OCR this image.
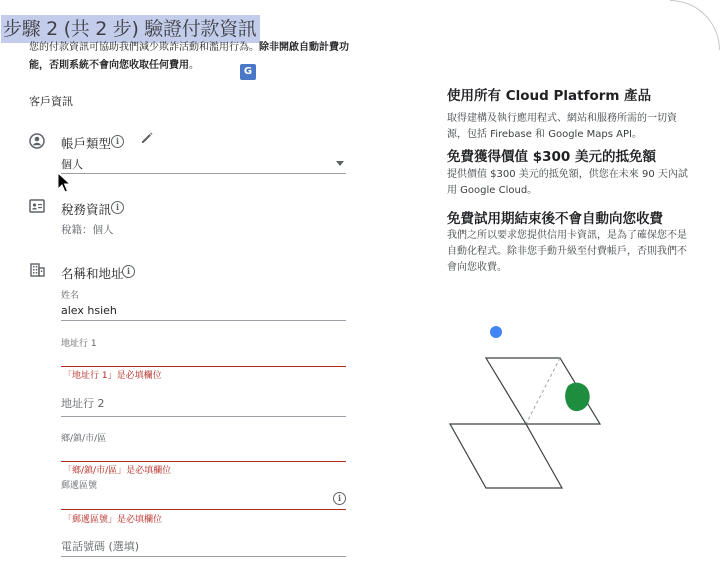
步驟 2 (共 2 步) 驗證付款資訊
您的付款資訊可協助我們減少欺詐活動和濫用行為。除非開啟自動計費功能，否則系統不會向您收取任何費用。
G
客戶資訊
帳戶類型 i
個人
稅務資訊 i
稅籍：個人
名稱和地址 i
姓名
alex hsieh
地址行 1
「地址行 1」是必填欄位
地址行 2
鄉/鎮/市/區
「鄉/鎮/市/區」是必填欄位
郵遞區號
i
「郵遞區號」是必填欄位
電話號碼 (選填)
使用所有 Cloud Platform 產品
取得建構及執行應用程式、網站和服務所需的一切資源，包括 Firebase 和 Google Maps API。
免費獲得價值 $300 美元的抵免額
提供價值 $300 美元的抵免額，供您在未來 90 天內試用 Google Cloud。
免費試用期結束後不會自動向您收費
我們之所以要求您提供信用卡資訊，是為了確保您不是自動化程式。除非您手動升級至付費帳戶，否則我們不會向您收費。
